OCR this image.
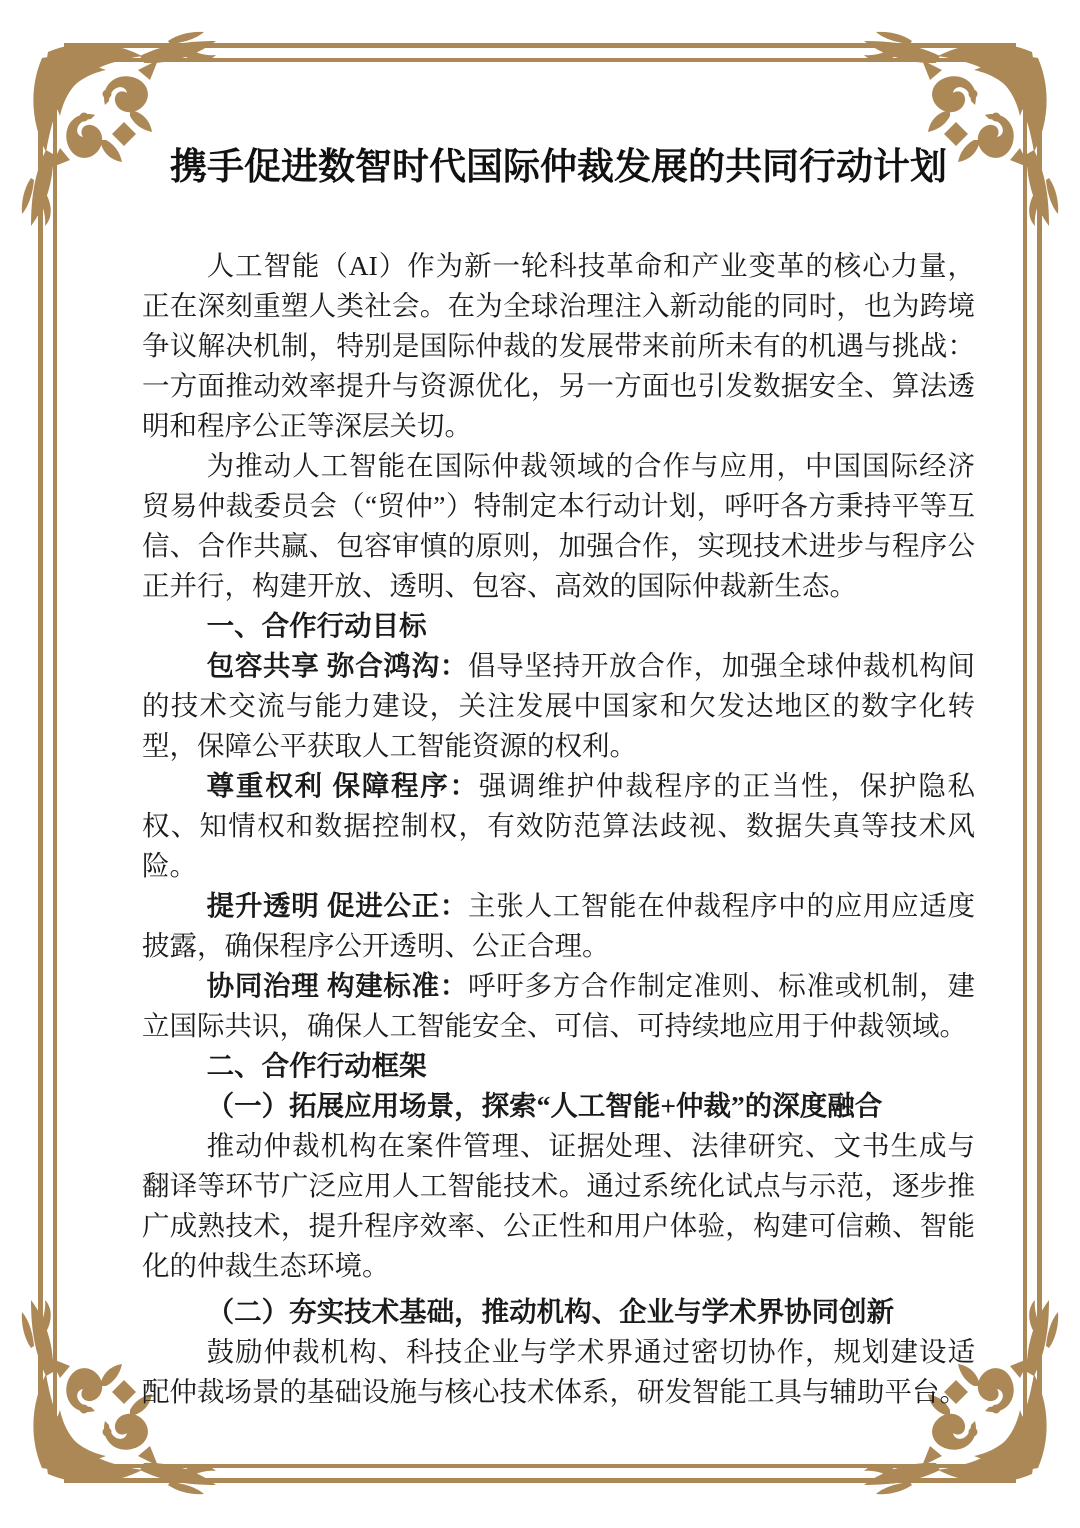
携手促进数智时代国际仲裁发展的共同行动计划

人工智能（AI）作为新一轮科技革命和产业变革的核心力量，正在深刻重塑人类社会。在为全球治理注入新动能的同时，也为跨境争议解决机制，特别是国际仲裁的发展带来前所未有的机遇与挑战：一方面推动效率提升与资源优化，另一方面也引发数据安全、算法透明和程序公正等深层关切。

为推动人工智能在国际仲裁领域的合作与应用，中国国际经济贸易仲裁委员会（“贸仲”）特制定本行动计划，呼吁各方秉持平等互信、合作共赢、包容审慎的原则，加强合作，实现技术进步与程序公正并行，构建开放、透明、包容、高效的国际仲裁新生态。

一、合作行动目标

包容共享 弥合鸿沟：倡导坚持开放合作，加强全球仲裁机构间的技术交流与能力建设，关注发展中国家和欠发达地区的数字化转型，保障公平获取人工智能资源的权利。

尊重权利 保障程序：强调维护仲裁程序的正当性，保护隐私权、知情权和数据控制权，有效防范算法歧视、数据失真等技术风险。

提升透明 促进公正：主张人工智能在仲裁程序中的应用应适度披露，确保程序公开透明、公正合理。

协同治理 构建标准：呼吁多方合作制定准则、标准或机制，建立国际共识，确保人工智能安全、可信、可持续地应用于仲裁领域。

二、合作行动框架

（一）拓展应用场景，探索“人工智能+仲裁”的深度融合

推动仲裁机构在案件管理、证据处理、法律研究、文书生成与翻译等环节广泛应用人工智能技术。通过系统化试点与示范，逐步推广成熟技术，提升程序效率、公正性和用户体验，构建可信赖、智能化的仲裁生态环境。

（二）夯实技术基础，推动机构、企业与学术界协同创新

鼓励仲裁机构、科技企业与学术界通过密切协作，规划建设适配仲裁场景的基础设施与核心技术体系，研发智能工具与辅助平台。
